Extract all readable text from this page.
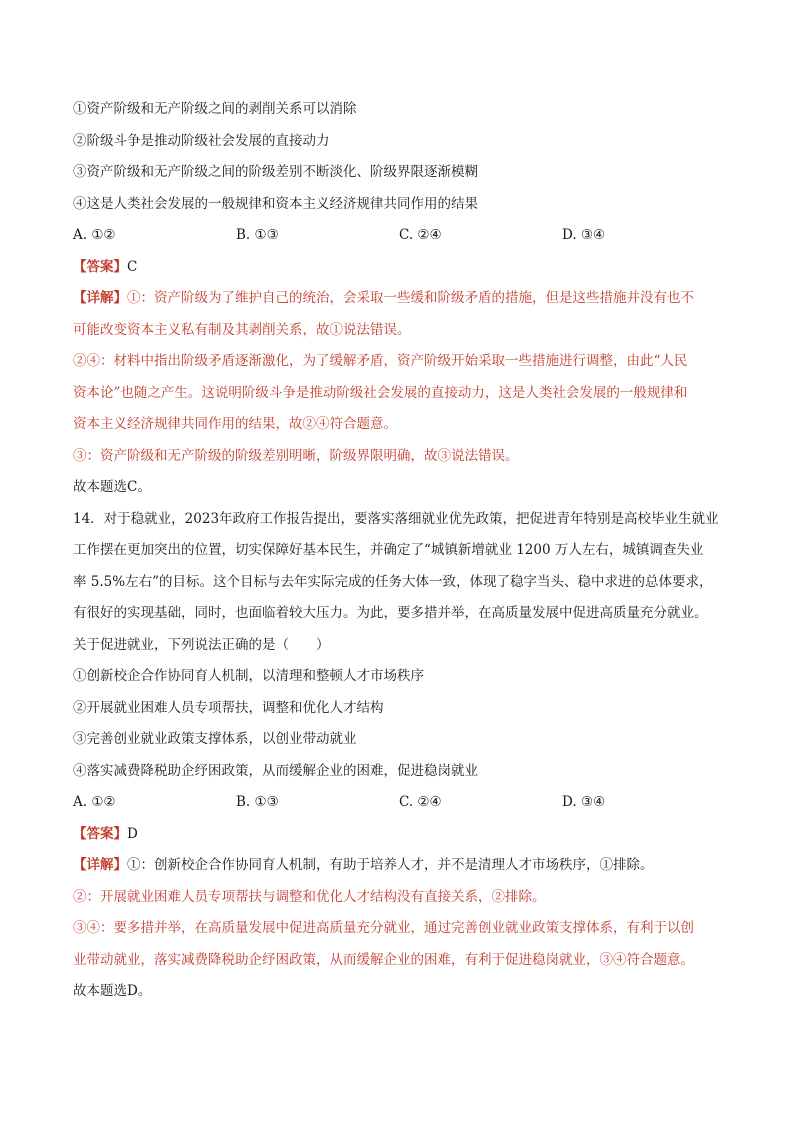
①资产阶级和无产阶级之间的剥削关系可以消除
②阶级斗争是推动阶级社会发展的直接动力
③资产阶级和无产阶级之间的阶级差别不断淡化、阶级界限逐渐模糊
④这是人类社会发展的一般规律和资本主义经济规律共同作用的结果
A. ①②	B. ①③	C. ②④	D. ③④
【答案】C
【详解】①：资产阶级为了维护自己的统治，会采取一些缓和阶级矛盾的措施，但是这些措施并没有也不
可能改变资本主义私有制及其剥削关系，故①说法错误。
②④：材料中指出阶级矛盾逐渐激化，为了缓解矛盾，资产阶级开始采取一些措施进行调整，由此“人民
资本论”也随之产生。这说明阶级斗争是推动阶级社会发展的直接动力，这是人类社会发展的一般规律和
资本主义经济规律共同作用的结果，故②④符合题意。
③：资产阶级和无产阶级的阶级差别明晰，阶级界限明确，故③说法错误。
故本题选C。
14．对于稳就业，2023年政府工作报告提出，要落实落细就业优先政策，把促进青年特别是高校毕业生就业
工作摆在更加突出的位置，切实保障好基本民生，并确定了“城镇新增就业 1200 万人左右，城镇调查失业
率 5.5%左右”的目标。这个目标与去年实际完成的任务大体一致，体现了稳字当头、稳中求进的总体要求，
有很好的实现基础，同时，也面临着较大压力。为此，要多措并举，在高质量发展中促进高质量充分就业。
关于促进就业，下列说法正确的是（　　）
①创新校企合作协同育人机制，以清理和整顿人才市场秩序
②开展就业困难人员专项帮扶，调整和优化人才结构
③完善创业就业政策支撑体系，以创业带动就业
④落实减费降税助企纾困政策，从而缓解企业的困难，促进稳岗就业
A. ①②	B. ①③	C. ②④	D. ③④
【答案】D
【详解】①：创新校企合作协同育人机制，有助于培养人才，并不是清理人才市场秩序，①排除。
②：开展就业困难人员专项帮扶与调整和优化人才结构没有直接关系，②排除。
③④：要多措并举，在高质量发展中促进高质量充分就业，通过完善创业就业政策支撑体系，有利于以创
业带动就业，落实减费降税助企纾困政策，从而缓解企业的困难，有利于促进稳岗就业，③④符合题意。
故本题选D。
